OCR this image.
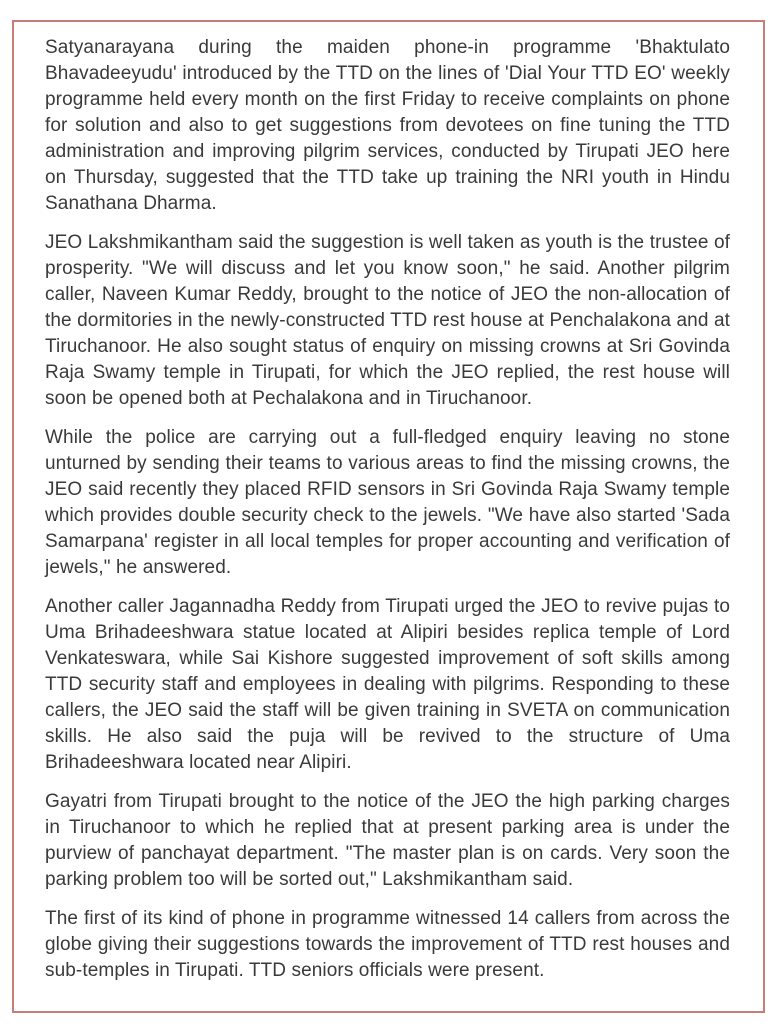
Satyanarayana during the maiden phone-in programme 'Bhaktulato Bhavadeeyudu' introduced by the TTD on the lines of 'Dial Your TTD EO' weekly programme held every month on the first Friday to receive complaints on phone for solution and also to get suggestions from devotees on fine tuning the TTD administration and improving pilgrim services, conducted by Tirupati JEO here on Thursday, suggested that the TTD take up training the NRI youth in Hindu Sanathana Dharma.

JEO Lakshmikantham said the suggestion is well taken as youth is the trustee of prosperity. "We will discuss and let you know soon," he said. Another pilgrim caller, Naveen Kumar Reddy, brought to the notice of JEO the non-allocation of the dormitories in the newly-constructed TTD rest house at Penchalakona and at Tiruchanoor. He also sought status of enquiry on missing crowns at Sri Govinda Raja Swamy temple in Tirupati, for which the JEO replied, the rest house will soon be opened both at Pechalakona and in Tiruchanoor.

While the police are carrying out a full-fledged enquiry leaving no stone unturned by sending their teams to various areas to find the missing crowns, the JEO said recently they placed RFID sensors in Sri Govinda Raja Swamy temple which provides double security check to the jewels. "We have also started 'Sada Samarpana' register in all local temples for proper accounting and verification of jewels," he answered.

Another caller Jagannadha Reddy from Tirupati urged the JEO to revive pujas to Uma Brihadeeshwara statue located at Alipiri besides replica temple of Lord Venkateswara, while Sai Kishore suggested improvement of soft skills among TTD security staff and employees in dealing with pilgrims. Responding to these callers, the JEO said the staff will be given training in SVETA on communication skills. He also said the puja will be revived to the structure of Uma Brihadeeshwara located near Alipiri.

Gayatri from Tirupati brought to the notice of the JEO the high parking charges in Tiruchanoor to which he replied that at present parking area is under the purview of panchayat department. "The master plan is on cards. Very soon the parking problem too will be sorted out," Lakshmikantham said.

The first of its kind of phone in programme witnessed 14 callers from across the globe giving their suggestions towards the improvement of TTD rest houses and sub-temples in Tirupati. TTD seniors officials were present.
